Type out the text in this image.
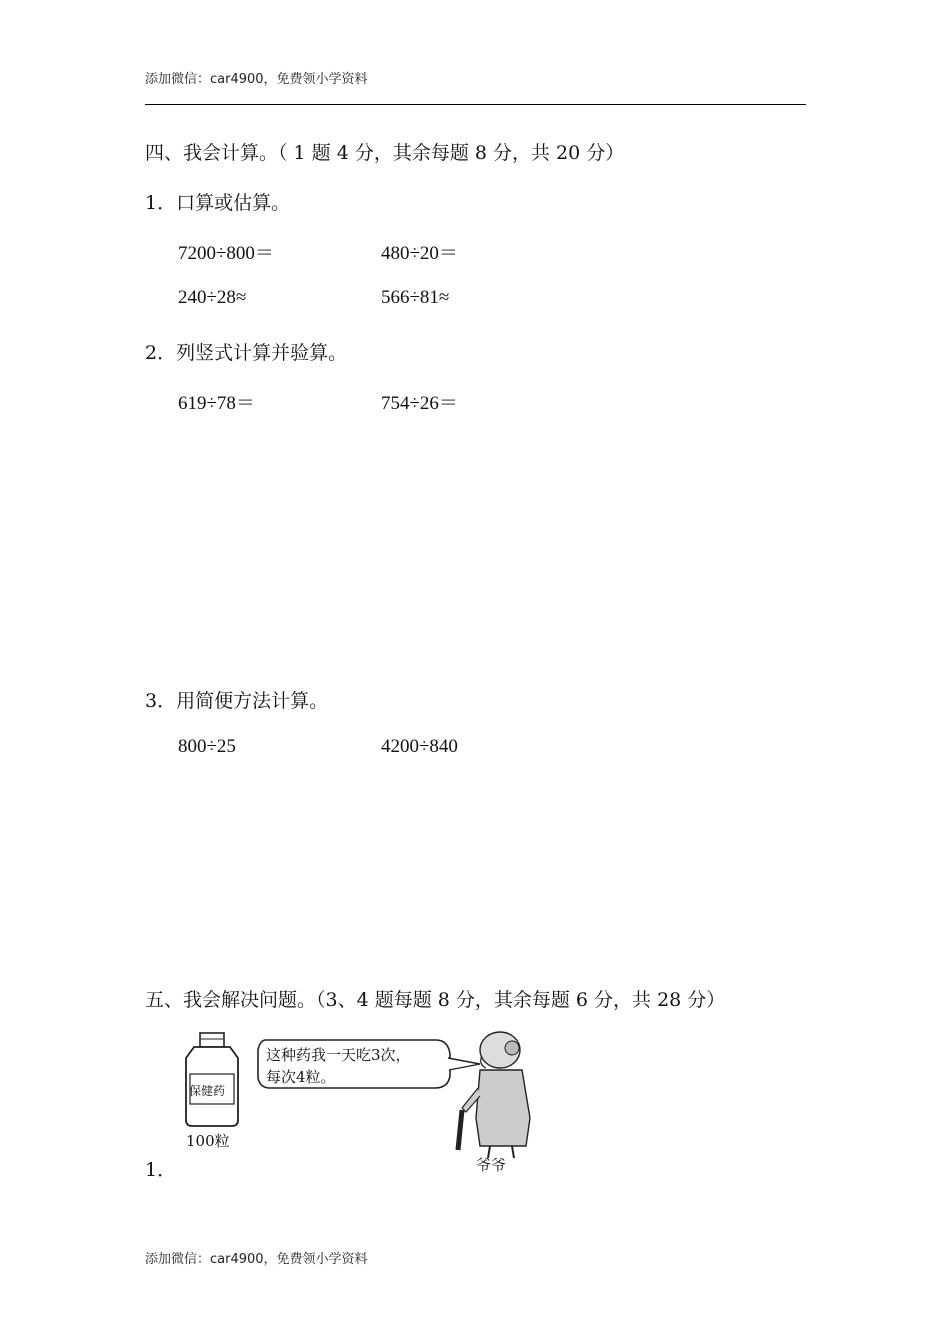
添加微信：car4900，免费领小学资料
四、我会计算。（ 1 题 4 分，其余每题 8 分，共 20 分）
1．口算或估算。
7200÷800＝	480÷20＝
240÷28≈	566÷81≈
2．列竖式计算并验算。
619÷78＝	754÷26＝
3．用简便方法计算。
800÷25	4200÷840
五、我会解决问题。（3、4 题每题 8 分，其余每题 6 分，共 28 分）
1．
保健药
100粒
这种药我一天吃3次，
每次4粒。
爷爷
添加微信：car4900，免费领小学资料
